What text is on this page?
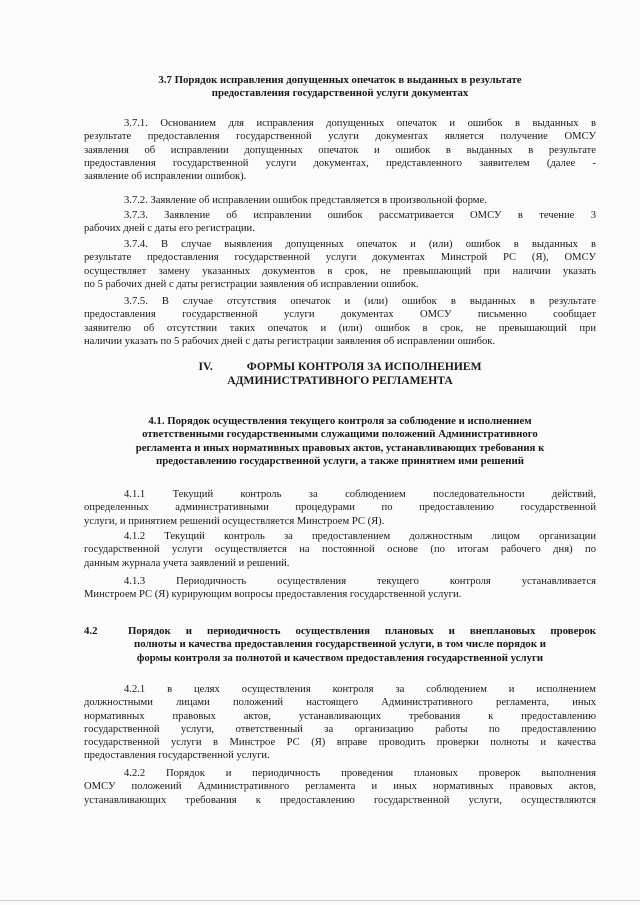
3.7 Порядок исправления допущенных опечаток в выданных в результате

предоставления государственной услуги документах

3.7.1. Основанием для исправления допущенных опечаток и ошибок в выданных в

результате предоставления государственной услуги документах является получение ОМСУ

заявления об исправлении допущенных опечаток и ошибок в выданных в результате

предоставления государственной услуги документах, представленного заявителем (далее -

заявление об исправлении ошибок).

3.7.2. Заявление об исправлении ошибок представляется в произвольной форме.

3.7.3. Заявление об исправлении ошибок рассматривается ОМСУ в течение 3

рабочих дней с даты его регистрации.

3.7.4. В случае выявления допущенных опечаток и (или) ошибок в выданных в

результате предоставления государственной услуги документах Минстрой РС (Я), ОМСУ

осуществляет замену указанных документов в срок, не превышающий при наличии указать

по 5 рабочих дней с даты регистрации заявления об исправлении ошибок.

3.7.5. В случае отсутствия опечаток и (или) ошибок в выданных в результате

предоставления государственной услуги документах ОМСУ письменно сообщает

заявителю об отсутствии таких опечаток и (или) ошибок в срок, не превышающий при

наличии указать по 5 рабочих дней с даты регистрации заявления об исправлении ошибок.

IV.	ФОРМЫ КОНТРОЛЯ ЗА ИСПОЛНЕНИЕМ

АДМИНИСТРАТИВНОГО РЕГЛАМЕНТА

4.1. Порядок осуществления текущего контроля за соблюдение и исполнением

ответственными государственными служащими положений Административного

регламента и иных нормативных правовых актов, устанавливающих требования к

предоставлению государственной услуги, а также принятием ими решений

4.1.1 Текущий контроль за соблюдением последовательности действий,

определенных административными процедурами по предоставлению государственной

услуги, и принятием решений осуществляется Минстроем РС (Я).

4.1.2 Текущий контроль за предоставлением должностным лицом организации

государственной услуги осуществляется на постоянной основе (по итогам рабочего дня) по

данным журнала учета заявлений и решений.

4.1.3 Периодичность осуществления текущего контроля устанавливается

Минстроем РС (Я) курирующим вопросы предоставления государственной услуги.

4.2	Порядок и периодичность осуществления плановых и внеплановых проверок

полноты и качества предоставления государственной услуги, в том числе порядок и

формы контроля за полнотой и качеством предоставления государственной услуги

4.2.1 в целях осуществления контроля за соблюдением и исполнением

должностными лицами положений настоящего Административного регламента, иных

нормативных правовых актов, устанавливающих требования к предоставлению

государственной услуги, ответственный за организацию работы по предоставлению

государственной услуги в Минстрое РС (Я) вправе проводить проверки полноты и качества

предоставления государственной услуги.

4.2.2 Порядок и периодичность проведения плановых проверок выполнения

ОМСУ положений Административного регламента и иных нормативных правовых актов,

устанавливающих требования к предоставлению государственной услуги, осуществляются
